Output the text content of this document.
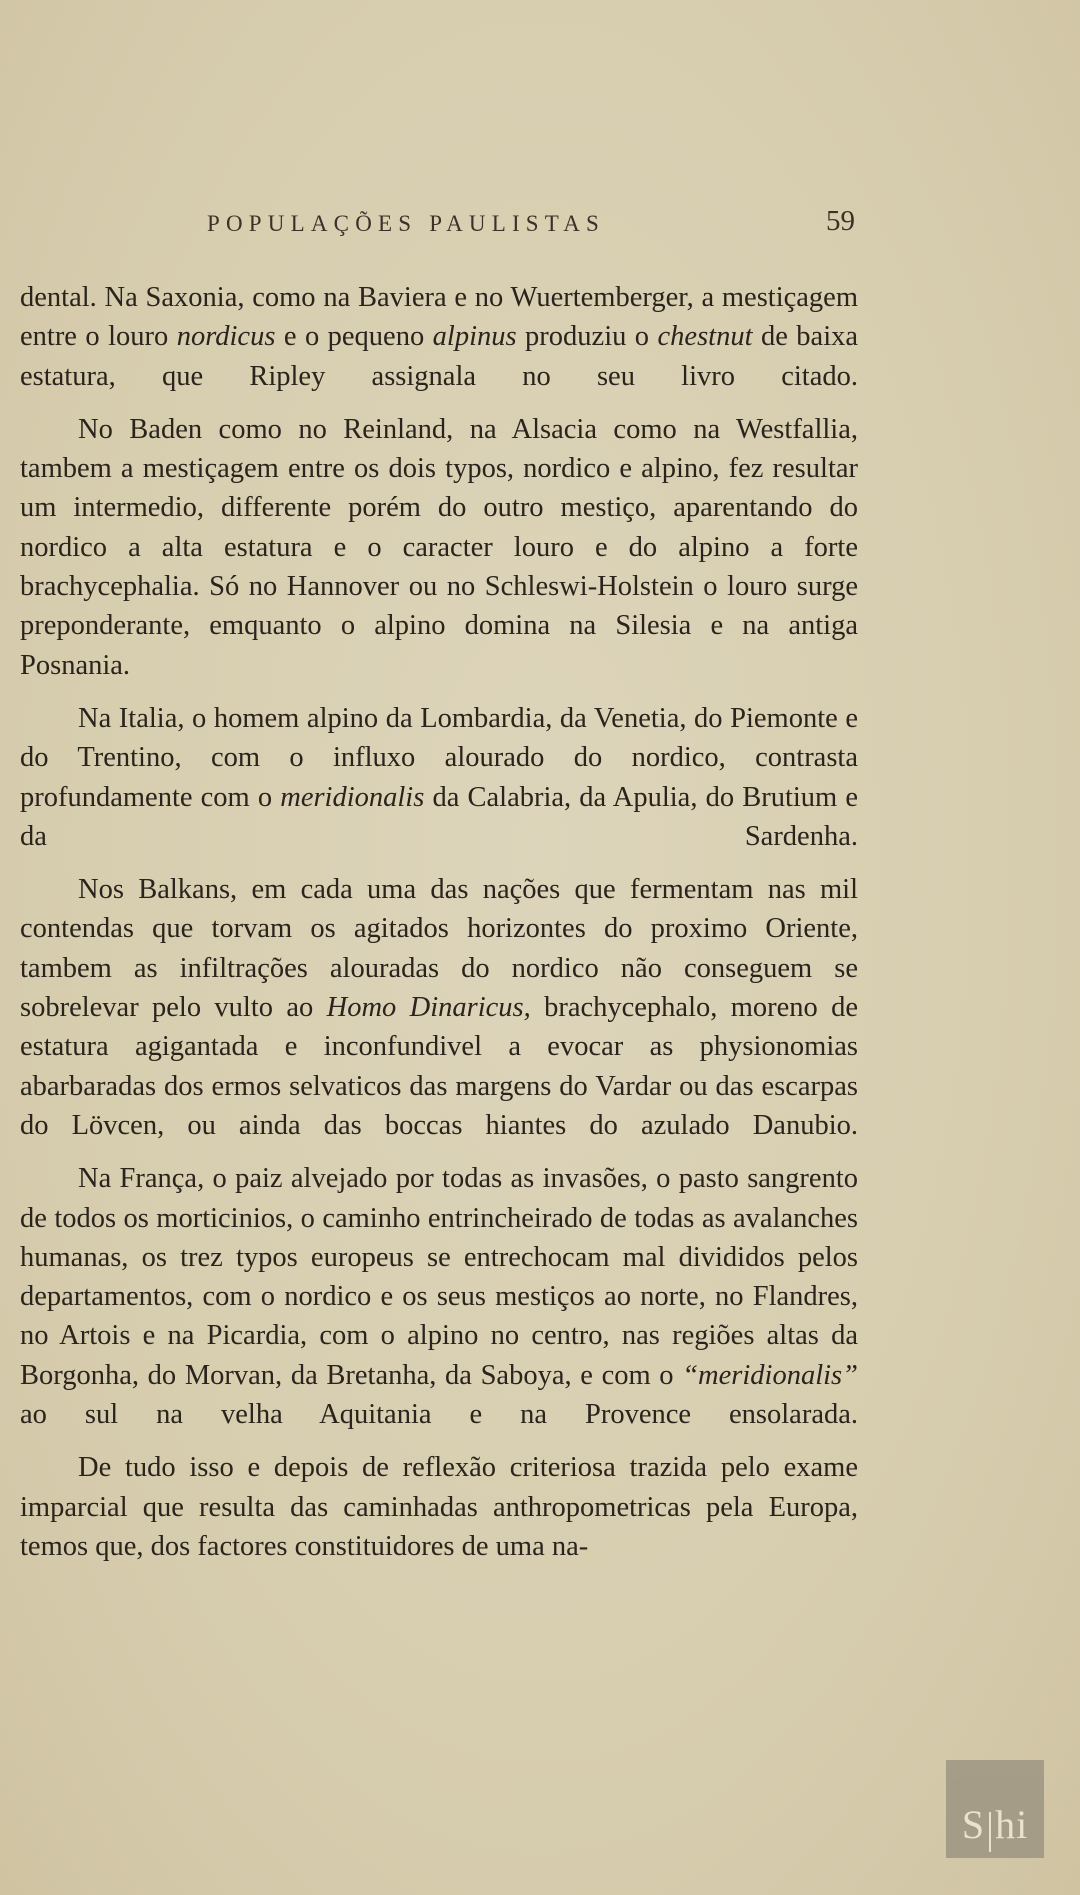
POPULAÇÕES PAULISTAS	59

dental. Na Saxonia, como na Baviera e no Wuertemberger, a mestiçagem entre o louro nordicus e o pequeno alpinus produziu o chestnut de baixa estatura, que Ripley assignala no seu livro citado.

No Baden como no Reinland, na Alsacia como na Westfallia, tambem a mestiçagem entre os dois typos, nordico e alpino, fez resultar um intermedio, differente porém do outro mestiço, aparentando do nordico a alta estatura e o caracter louro e do alpino a forte brachycephalia. Só no Hannover ou no Schleswi-Holstein o louro surge preponderante, emquanto o alpino domina na Silesia e na antiga Posnania.

Na Italia, o homem alpino da Lombardia, da Venetia, do Piemonte e do Trentino, com o influxo alourado do nordico, contrasta profundamente com o meridionalis da Calabria, da Apulia, do Brutium e da Sardenha.

Nos Balkans, em cada uma das nações que fermentam nas mil contendas que torvam os agitados horizontes do proximo Oriente, tambem as infiltrações alouradas do nordico não conseguem se sobrelevar pelo vulto ao Homo Dinaricus, brachycephalo, moreno de estatura agigantada e inconfundivel a evocar as physionomias abarbaradas dos ermos selvaticos das margens do Vardar ou das escarpas do Lövcen, ou ainda das boccas hiantes do azulado Danubio.

Na França, o paiz alvejado por todas as invasões, o pasto sangrento de todos os morticinios, o caminho entrincheirado de todas as avalanches humanas, os trez typos europeus se entrechocam mal divididos pelos departamentos, com o nordico e os seus mestiços ao norte, no Flandres, no Artois e na Picardia, com o alpino no centro, nas regiões altas da Borgonha, do Morvan, da Bretanha, da Saboya, e com o “meridionalis” ao sul na velha Aquitania e na Provence ensolarada.

De tudo isso e depois de reflexão criteriosa trazida pelo exame imparcial que resulta das caminhadas anthropometricas pela Europa, temos que, dos factores constituidores de uma na-

S hi
